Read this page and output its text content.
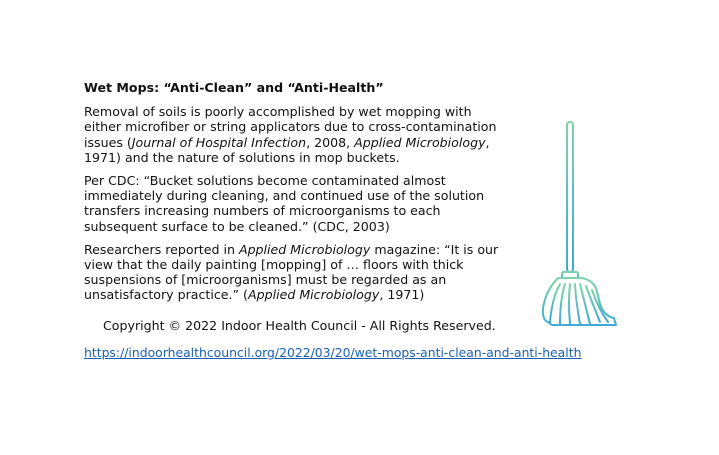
Wet Mops: “Anti-Clean” and “Anti-Health”
Removal of soils is poorly accomplished by wet mopping with either microfiber or string applicators due to cross-contamination issues (Journal of Hospital Infection, 2008, Applied Microbiology, 1971) and the nature of solutions in mop buckets.
Per CDC: “Bucket solutions become contaminated almost immediately during cleaning, and continued use of the solution transfers increasing numbers of microorganisms to each subsequent surface to be cleaned.” (CDC, 2003)
Researchers reported in Applied Microbiology magazine: “It is our view that the daily painting [mopping] of … floors with thick suspensions of [microorganisms] must be regarded as an unsatisfactory practice.” (Applied Microbiology, 1971)
Copyright © 2022 Indoor Health Council - All Rights Reserved.
https://indoorhealthcouncil.org/2022/03/20/wet-mops-anti-clean-and-anti-health
